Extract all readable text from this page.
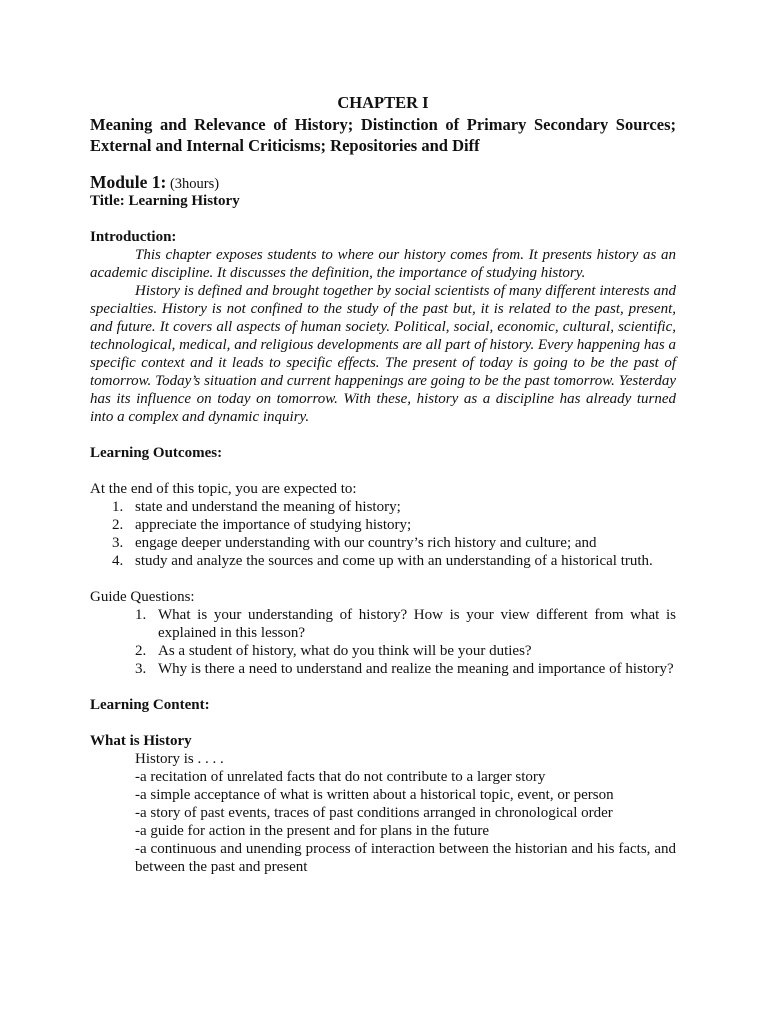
CHAPTER I
Meaning and Relevance of History; Distinction of Primary Secondary Sources; External and Internal Criticisms; Repositories and Diff
Module 1: (3hours)
Title: Learning History
Introduction:

This chapter exposes students to where our history comes from. It presents history as an academic discipline. It discusses the definition, the importance of studying history.

History is defined and brought together by social scientists of many different interests and specialties. History is not confined to the study of the past but, it is related to the past, present, and future. It covers all aspects of human society. Political, social, economic, cultural, scientific, technological, medical, and religious developments are all part of history. Every happening has a specific context and it leads to specific effects. The present of today is going to be the past of tomorrow. Today’s situation and current happenings are going to be the past tomorrow. Yesterday has its influence on today on tomorrow. With these, history as a discipline has already turned into a complex and dynamic inquiry.

Learning Outcomes:

At the end of this topic, you are expected to:

1. state and understand the meaning of history;
2. appreciate the importance of studying history;
3. engage deeper understanding with our country’s rich history and culture; and
4. study and analyze the sources and come up with an understanding of a historical truth.

Guide Questions:

1. What is your understanding of history? How is your view different from what is explained in this lesson?
2. As a student of history, what do you think will be your duties?
3. Why is there a need to understand and realize the meaning and importance of history?
Learning Content:
What is History
History is . . . .
-a recitation of unrelated facts that do not contribute to a larger story
-a simple acceptance of what is written about a historical topic, event, or person
-a story of past events, traces of past conditions arranged in chronological order
-a guide for action in the present and for plans in the future
-a continuous and unending process of interaction between the historian and his facts, and between the past and present
